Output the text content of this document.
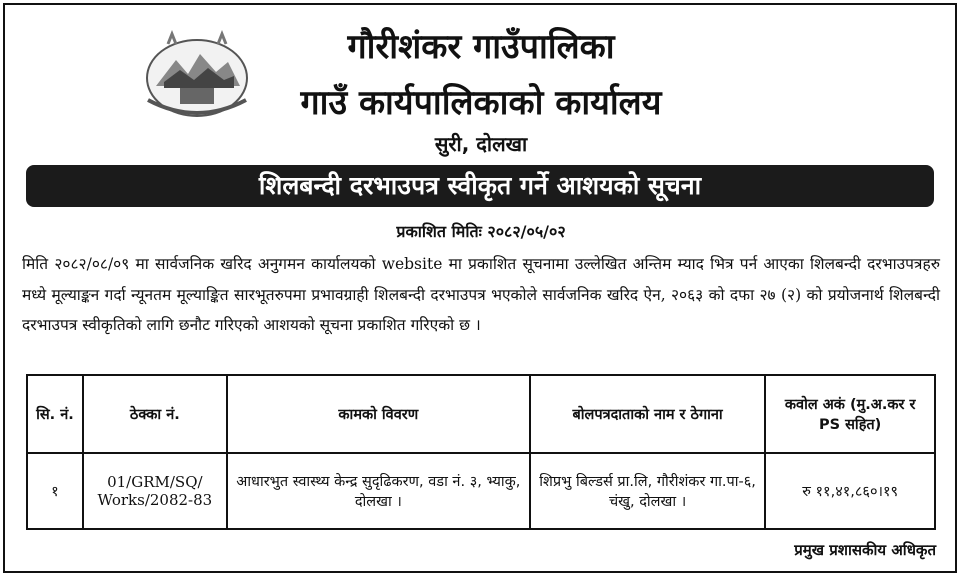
गौरीशंकर गाउँपालिका
गाउँ कार्यपालिकाको कार्यालय
सुरी, दोलखा
शिलबन्दी दरभाउपत्र स्वीकृत गर्ने आशयको सूचना
प्रकाशित मितिः २०८२/०५/०२
मिति २०८२/०८/०९ मा सार्वजनिक खरिद अनुगमन कार्यालयको website मा प्रकाशित सूचनामा उल्लेखित अन्तिम म्याद भित्र पर्न आएका शिलबन्दी दरभाउपत्रहरु मध्ये मूल्याङ्कन गर्दा न्यूनतम मूल्याङ्कित सारभूतरुपमा प्रभावग्राही शिलबन्दी दरभाउपत्र भएकोले सार्वजनिक खरिद ऐन, २०६३ को दफा २७ (२) को प्रयोजनार्थ शिलबन्दी दरभाउपत्र स्वीकृतिको लागि छनौट गरिएको आशयको सूचना प्रकाशित गरिएको छ ।
सि. नं.	ठेक्का नं.	कामको विवरण	बोलपत्रदाताको नाम र ठेगाना	कवोल अकं (मु.अ.कर र PS सहित)
१	01/GRM/SQ/ Works/2082-83	आधारभुत स्वास्थ्य केन्द्र सुदृढिकरण, वडा नं. ३, भ्याकु, दोलखा ।	शिप्रभु बिल्डर्स प्रा.लि, गौरीशंकर गा.पा-६, चंखु, दोलखा ।	रु ११,४१,८६०।१९
प्रमुख प्रशासकीय अधिकृत
